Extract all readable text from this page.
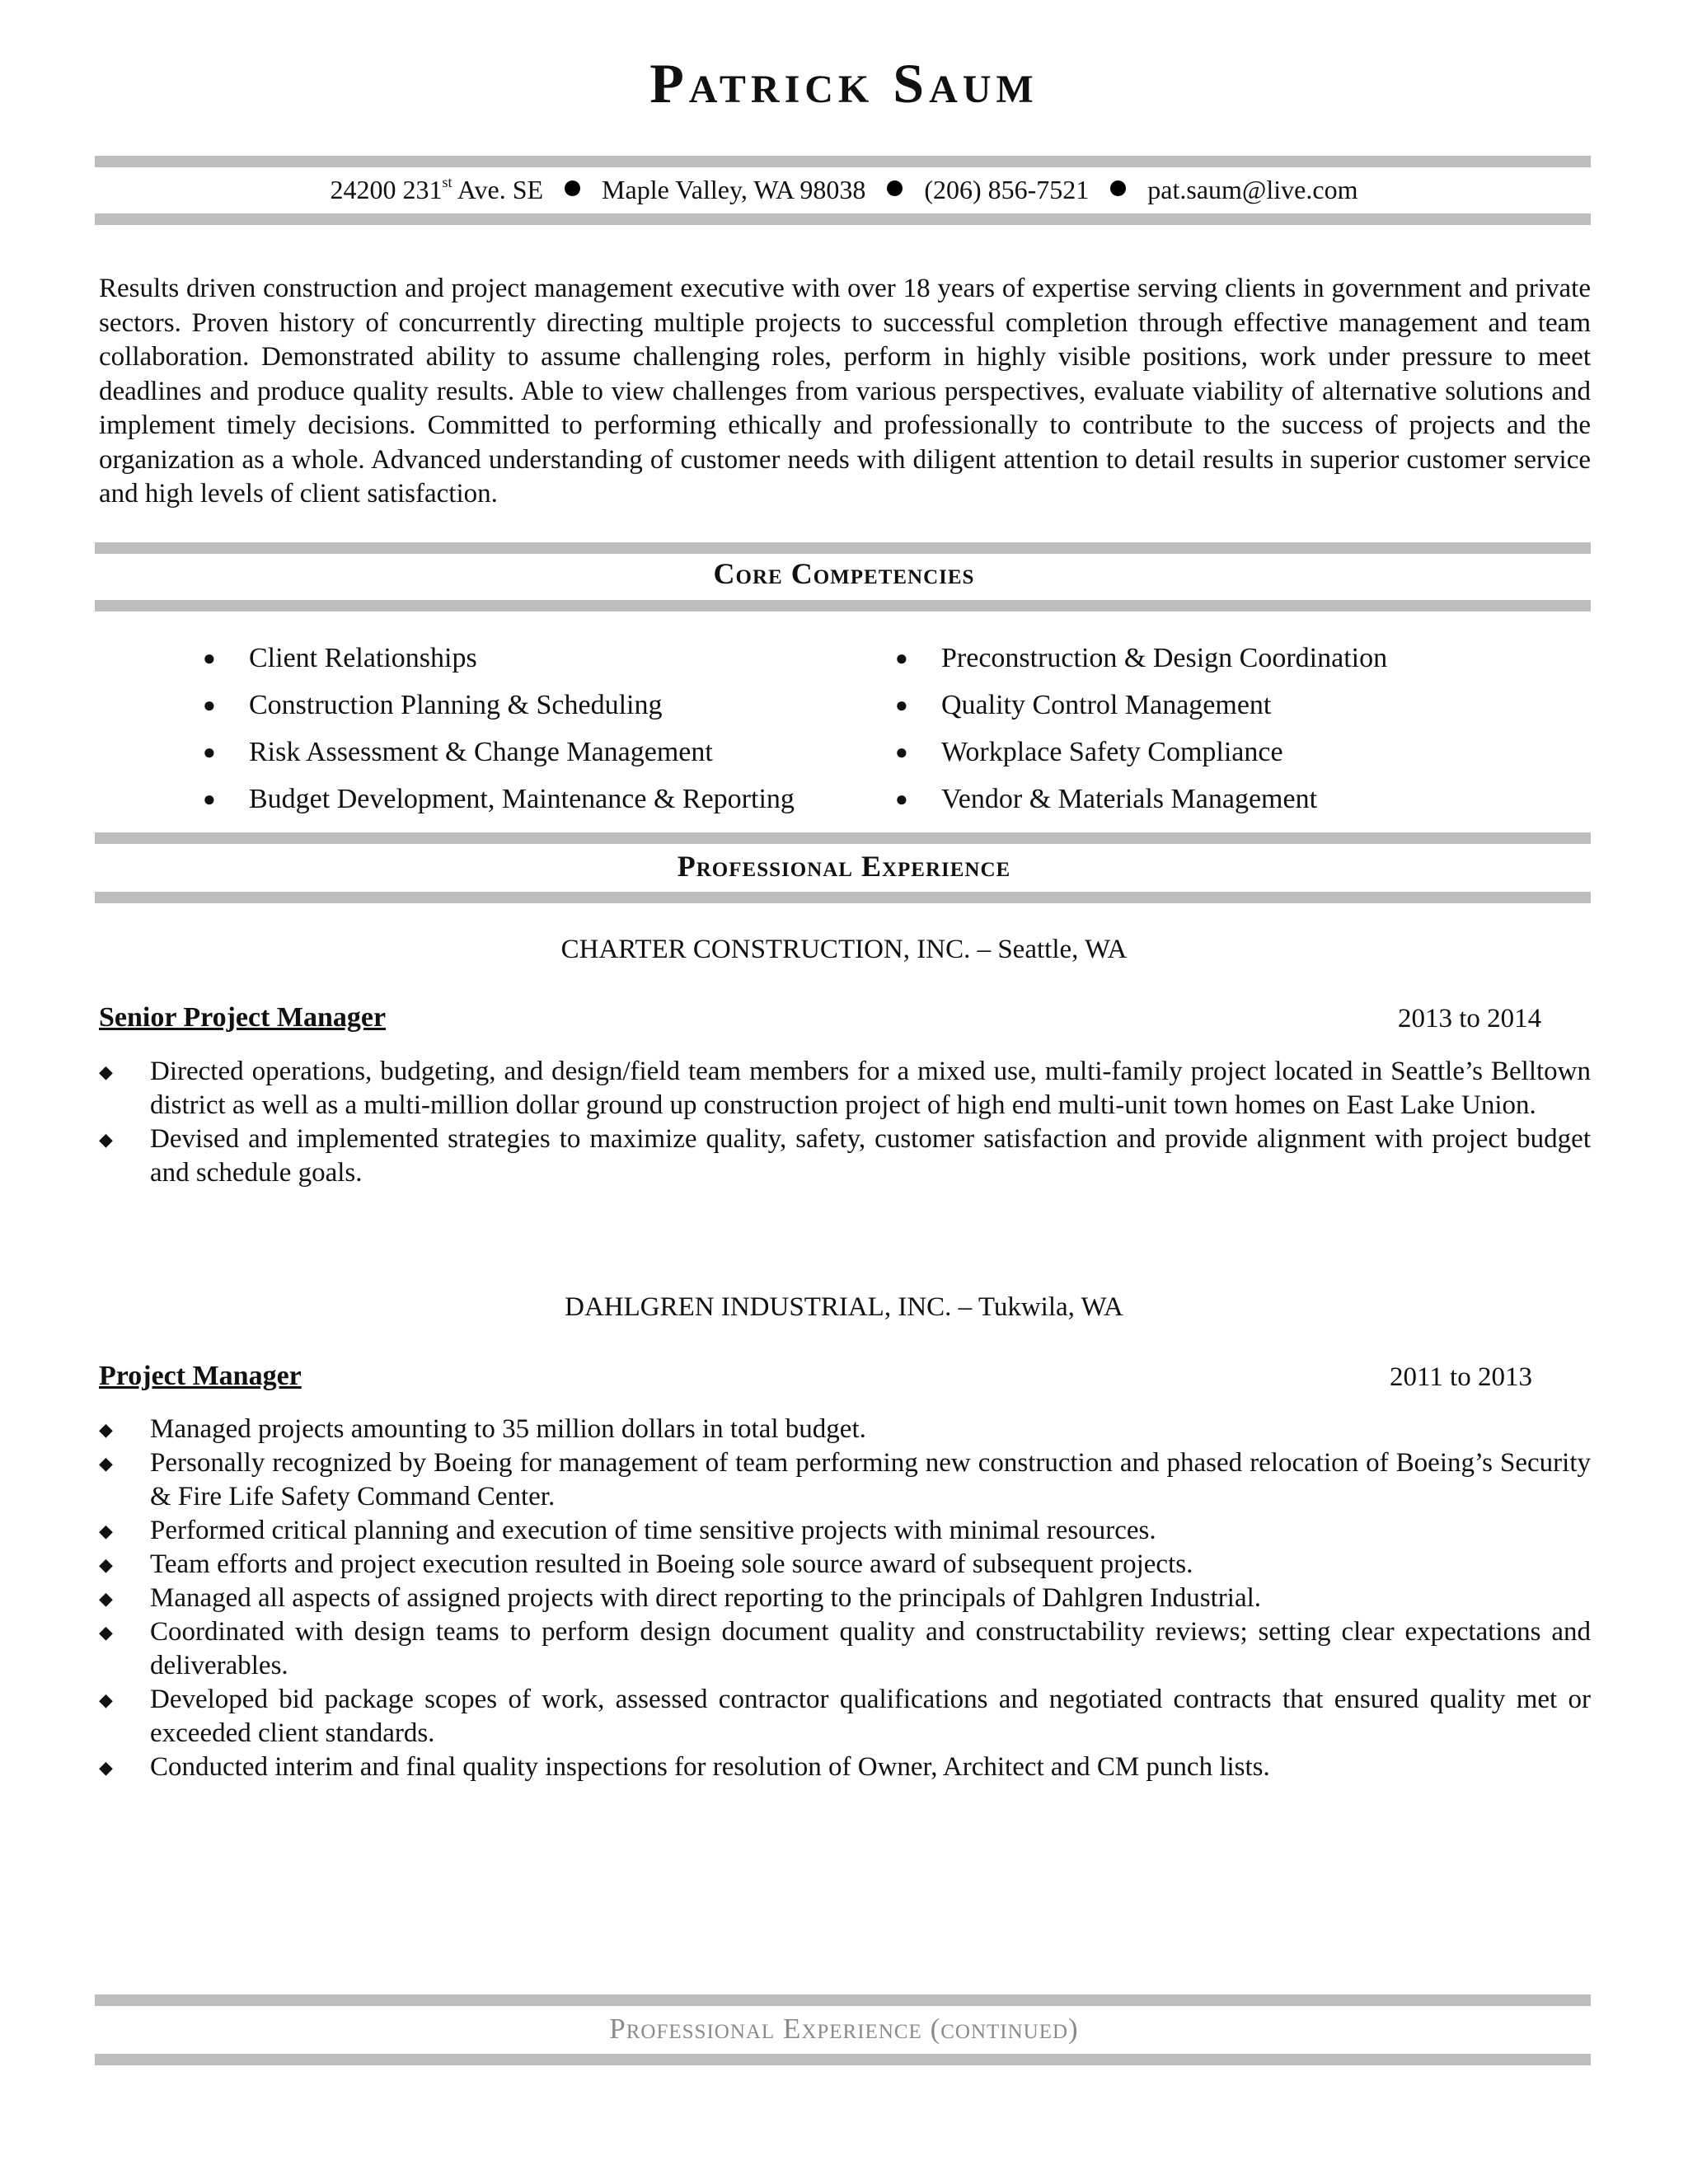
Patrick Saum
24200 231st Ave. SE Maple Valley, WA 98038 (206) 856-7521 pat.saum@live.com
Results driven construction and project management executive with over 18 years of expertise serving clients in government and private sectors. Proven history of concurrently directing multiple projects to successful completion through effective management and team collaboration. Demonstrated ability to assume challenging roles, perform in highly visible positions, work under pressure to meet deadlines and produce quality results. Able to view challenges from various perspectives, evaluate viability of alternative solutions and implement timely decisions. Committed to performing ethically and professionally to contribute to the success of projects and the organization as a whole. Advanced understanding of customer needs with diligent attention to detail results in superior customer service and high levels of client satisfaction.
Core Competencies
● Client Relationships
● Construction Planning & Scheduling
● Risk Assessment & Change Management
● Budget Development, Maintenance & Reporting
● Preconstruction & Design Coordination
● Quality Control Management
● Workplace Safety Compliance
● Vendor & Materials Management
Professional Experience
CHARTER CONSTRUCTION, INC. – Seattle, WA
Senior Project Manager	2013 to 2014
◆ Directed operations, budgeting, and design/field team members for a mixed use, multi-family project located in Seattle’s Belltown district as well as a multi-million dollar ground up construction project of high end multi-unit town homes on East Lake Union.
◆ Devised and implemented strategies to maximize quality, safety, customer satisfaction and provide alignment with project budget and schedule goals.
DAHLGREN INDUSTRIAL, INC. – Tukwila, WA
Project Manager	2011 to 2013
◆ Managed projects amounting to 35 million dollars in total budget.
◆ Personally recognized by Boeing for management of team performing new construction and phased relocation of Boeing’s Security & Fire Life Safety Command Center.
◆ Performed critical planning and execution of time sensitive projects with minimal resources.
◆ Team efforts and project execution resulted in Boeing sole source award of subsequent projects.
◆ Managed all aspects of assigned projects with direct reporting to the principals of Dahlgren Industrial.
◆ Coordinated with design teams to perform design document quality and constructability reviews; setting clear expectations and deliverables.
◆ Developed bid package scopes of work, assessed contractor qualifications and negotiated contracts that ensured quality met or exceeded client standards.
◆ Conducted interim and final quality inspections for resolution of Owner, Architect and CM punch lists.
Professional Experience (continued)
